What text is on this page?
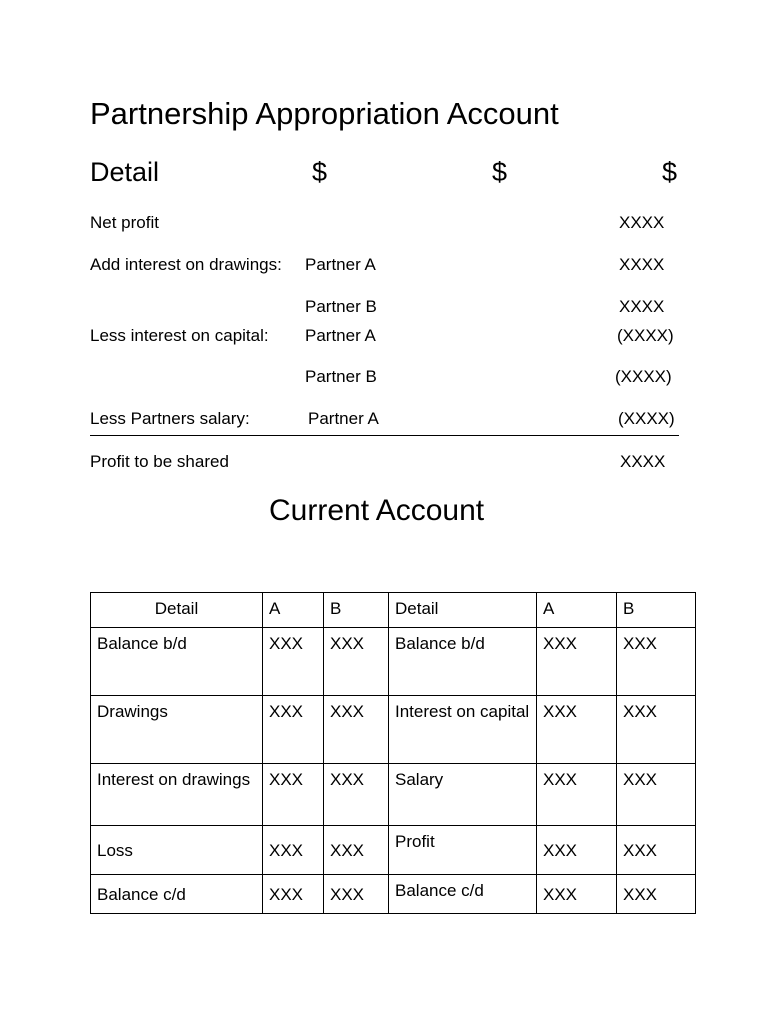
Partnership Appropriation Account
Detail	$	$	$
Net profit	XXXX
Add interest on drawings: Partner A	XXXX
Partner B	XXXX
Less interest on capital: Partner A	(XXXX)
Partner B	(XXXX)
Less Partners salary:	Partner A	(XXXX)
Profit to be shared	XXXX
Current Account
Detail	A	B	Detail	A	B
Balance b/d	XXX	XXX	Balance b/d	XXX	XXX
Drawings	XXX	XXX	Interest on capital	XXX	XXX
Interest on drawings	XXX	XXX	Salary	XXX	XXX
Loss	XXX	XXX	Profit	XXX	XXX
Balance c/d	XXX	XXX	Balance c/d	XXX	XXX
